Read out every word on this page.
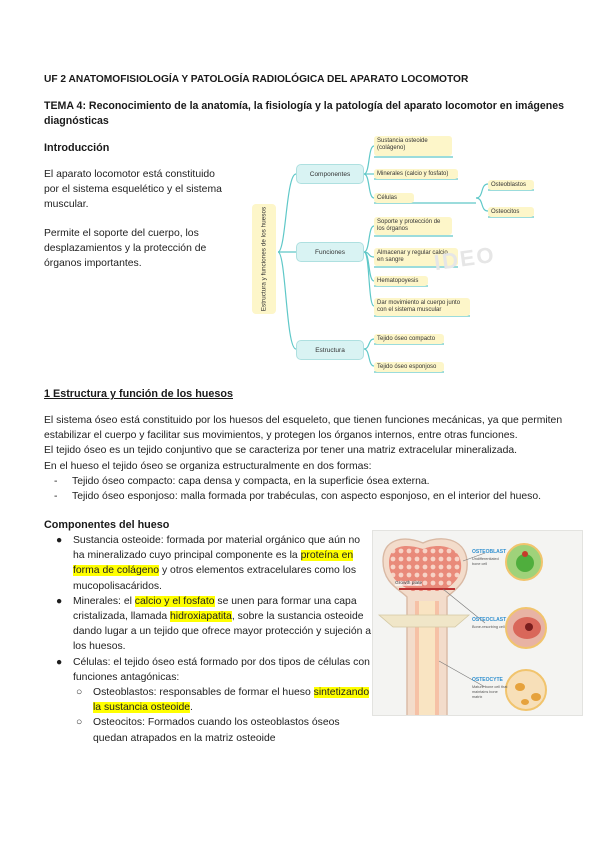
UF 2 ANATOMOFISIOLOGÍA Y PATOLOGÍA RADIOLÓGICA DEL APARATO LOCOMOTOR
TEMA 4: Reconocimiento de la anatomía, la fisiología y la patología del aparato locomotor en imágenes
diagnósticas
Introducción
El aparato locomotor está constituido
por el sistema esquelético y el sistema
muscular.
Permite el soporte del cuerpo, los
desplazamientos y la protección de
órganos importantes.	Estructura y funciones de los huesos
Componentes
Funciones
Estructura
Sustancia osteoide (colágeno)
Minerales (calcio y fosfato)
Células
Osteoblastos
Osteocitos
Soporte y protección de los órganos
Almacenar y regular calcio en sangre
Hematopoyesis
Dar movimiento al cuerpo junto con el sistema muscular
Tejido óseo compacto
Tejido óseo esponjoso
IDEO
1 Estructura y función de los huesos
El sistema óseo está constituido por los huesos del esqueleto, que tienen funciones mecánicas, ya que permiten
estabilizar el cuerpo y facilitar sus movimientos, y protegen los órganos internos, entre otras funciones.
El tejido óseo es un tejido conjuntivo que se caracteriza por tener una matriz extracelular mineralizada.
En el hueso el tejido óseo se organiza estructuralmente en dos formas:
- Tejido óseo compacto: capa densa y compacta, en la superficie ósea externa.
- Tejido óseo esponjoso: malla formada por trabéculas, con aspecto esponjoso, en el interior del hueso.
Componentes del hueso
● Sustancia osteoide: formada por material orgánico que aún no
ha mineralizado cuyo principal componente es la proteína en
forma de colágeno y otros elementos extracelulares como los
mucopolisacáridos.
● Minerales: el calcio y el fosfato se unen para formar una capa
cristalizada, llamada hidroxiapatita, sobre la sustancia osteoide
dando lugar a un tejido que ofrece mayor protección y sujeción a
los huesos.
● Células: el tejido óseo está formado por dos tipos de células con
funciones antagónicas:
○ Osteoblastos: responsables de formar el hueso sintetizando
la sustancia osteoide.
○ Osteocitos: Formados cuando los osteoblastos óseos
quedan atrapados en la matriz osteoide
Growth plate
OSTEOBLAST
Undifferentiated bone cell
OSTEOCLAST
Bone-resorbing cell
OSTEOCYTE
Mature bone cell that maintains bone matrix
